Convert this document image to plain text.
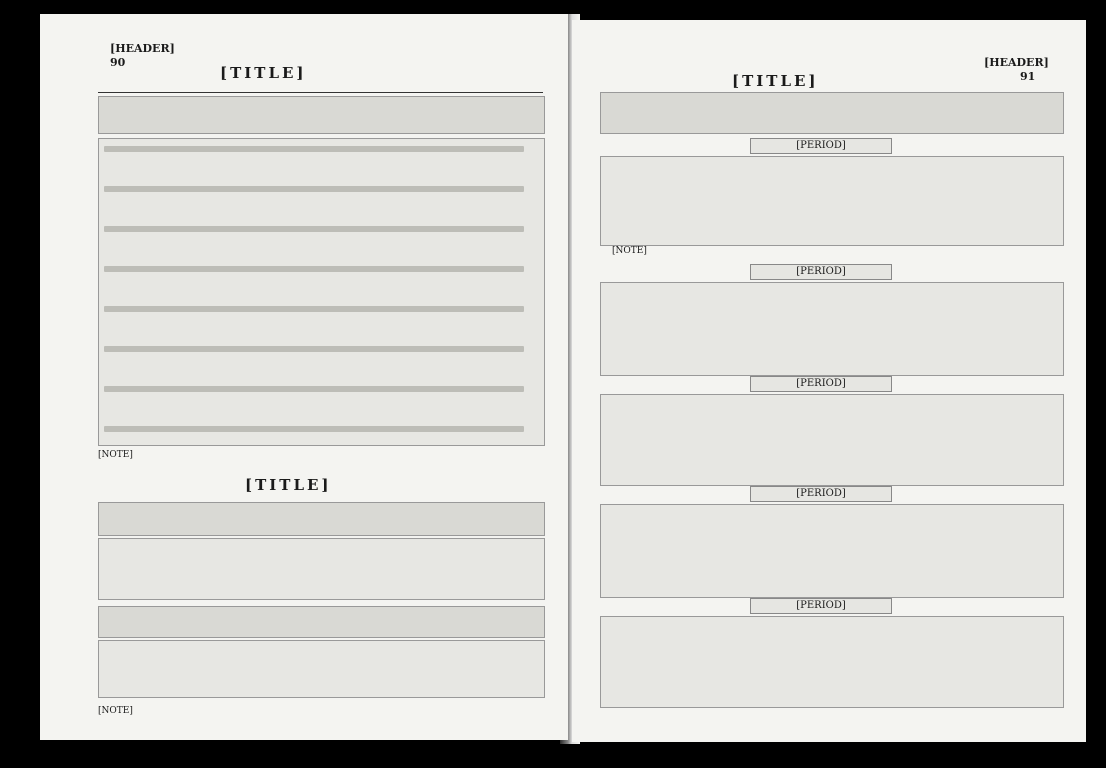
[HEADER]
90
[TITLE]
[NOTE]
[TITLE]
[NOTE]
[HEADER]
91
[TITLE]
[PERIOD]
[NOTE]
[PERIOD]
[PERIOD]
[PERIOD]
[PERIOD]
